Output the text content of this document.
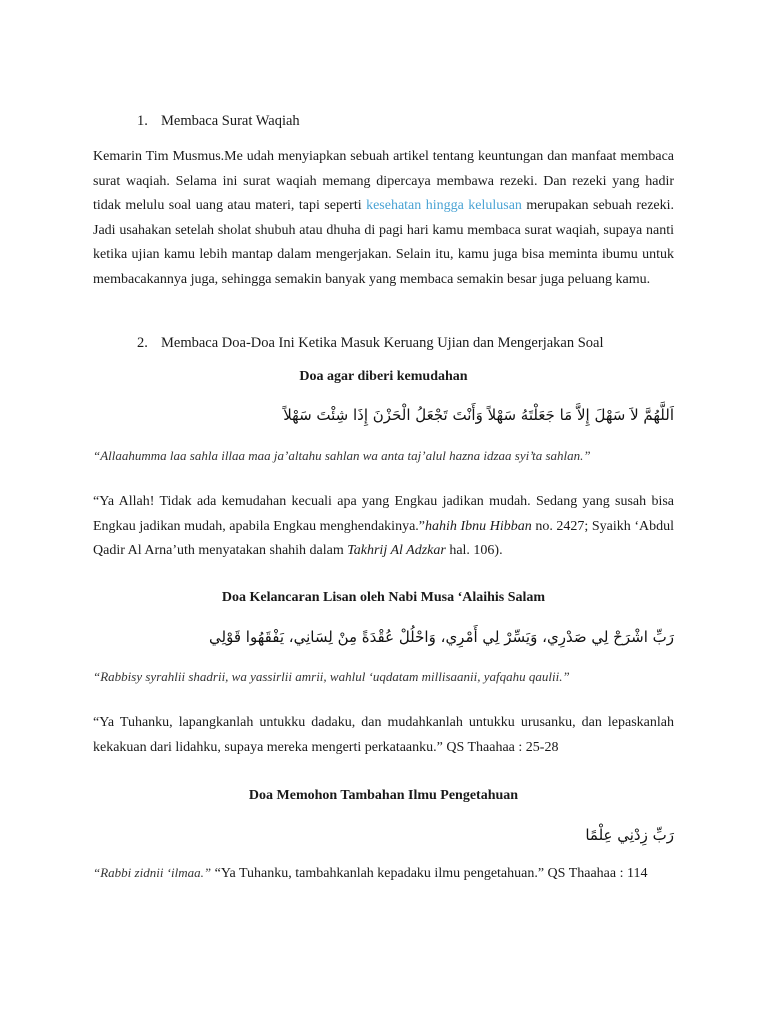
1. Membaca Surat Waqiah
Kemarin Tim Musmus.Me udah menyiapkan sebuah artikel tentang keuntungan dan manfaat membaca surat waqiah. Selama ini surat waqiah memang dipercaya membawa rezeki. Dan rezeki yang hadir tidak melulu soal uang atau materi, tapi seperti kesehatan hingga kelulusan merupakan sebuah rezeki. Jadi usahakan setelah sholat shubuh atau dhuha di pagi hari kamu membaca surat waqiah, supaya nanti ketika ujian kamu lebih mantap dalam mengerjakan. Selain itu, kamu juga bisa meminta ibumu untuk membacakannya juga, sehingga semakin banyak yang membaca semakin besar juga peluang kamu.
2. Membaca Doa-Doa Ini Ketika Masuk Keruang Ujian dan Mengerjakan Soal
Doa agar diberi kemudahan
اَللَّهُمَّ لاَ سَهْلَ إِلاَّ مَا جَعَلْتَهُ سَهْلاً وَأَنْتَ تَجْعَلُ الْحَزْنَ إِذَا شِئْتَ سَهْلاً
“Allaahumma laa sahla illaa maa ja’altahu sahlan wa anta taj’alul hazna idzaa syi’ta sahlan.”
“Ya Allah! Tidak ada kemudahan kecuali apa yang Engkau jadikan mudah. Sedang yang susah bisa Engkau jadikan mudah, apabila Engkau menghendakinya.”hahih Ibnu Hibban no. 2427; Syaikh ‘Abdul Qadir Al Arna’uth menyatakan shahih dalam Takhrij Al Adzkar hal. 106).
Doa Kelancaran Lisan oleh Nabi Musa ‘Alaihis Salam
رَبِّ اشْرَحْ لِي صَدْرِي، وَيَسِّرْ لِي أَمْرِي، وَاحْلُلْ عُقْدَةً مِنْ لِسَانِي، يَفْقَهُوا قَوْلِي
“Rabbisy syrahlii shadrii, wa yassirlii amrii, wahlul ‘uqdatam millisaanii, yafqahu qaulii.”
“Ya Tuhanku, lapangkanlah untukku dadaku, dan mudahkanlah untukku urusanku, dan lepaskanlah kekakuan dari lidahku, supaya mereka mengerti perkataanku.” QS Thaahaa : 25-28
Doa Memohon Tambahan Ilmu Pengetahuan
رَبِّ زِدْنِي عِلْمًا
“Rabbi zidnii ‘ilmaa.” “Ya Tuhanku, tambahkanlah kepadaku ilmu pengetahuan.” QS Thaahaa : 114
